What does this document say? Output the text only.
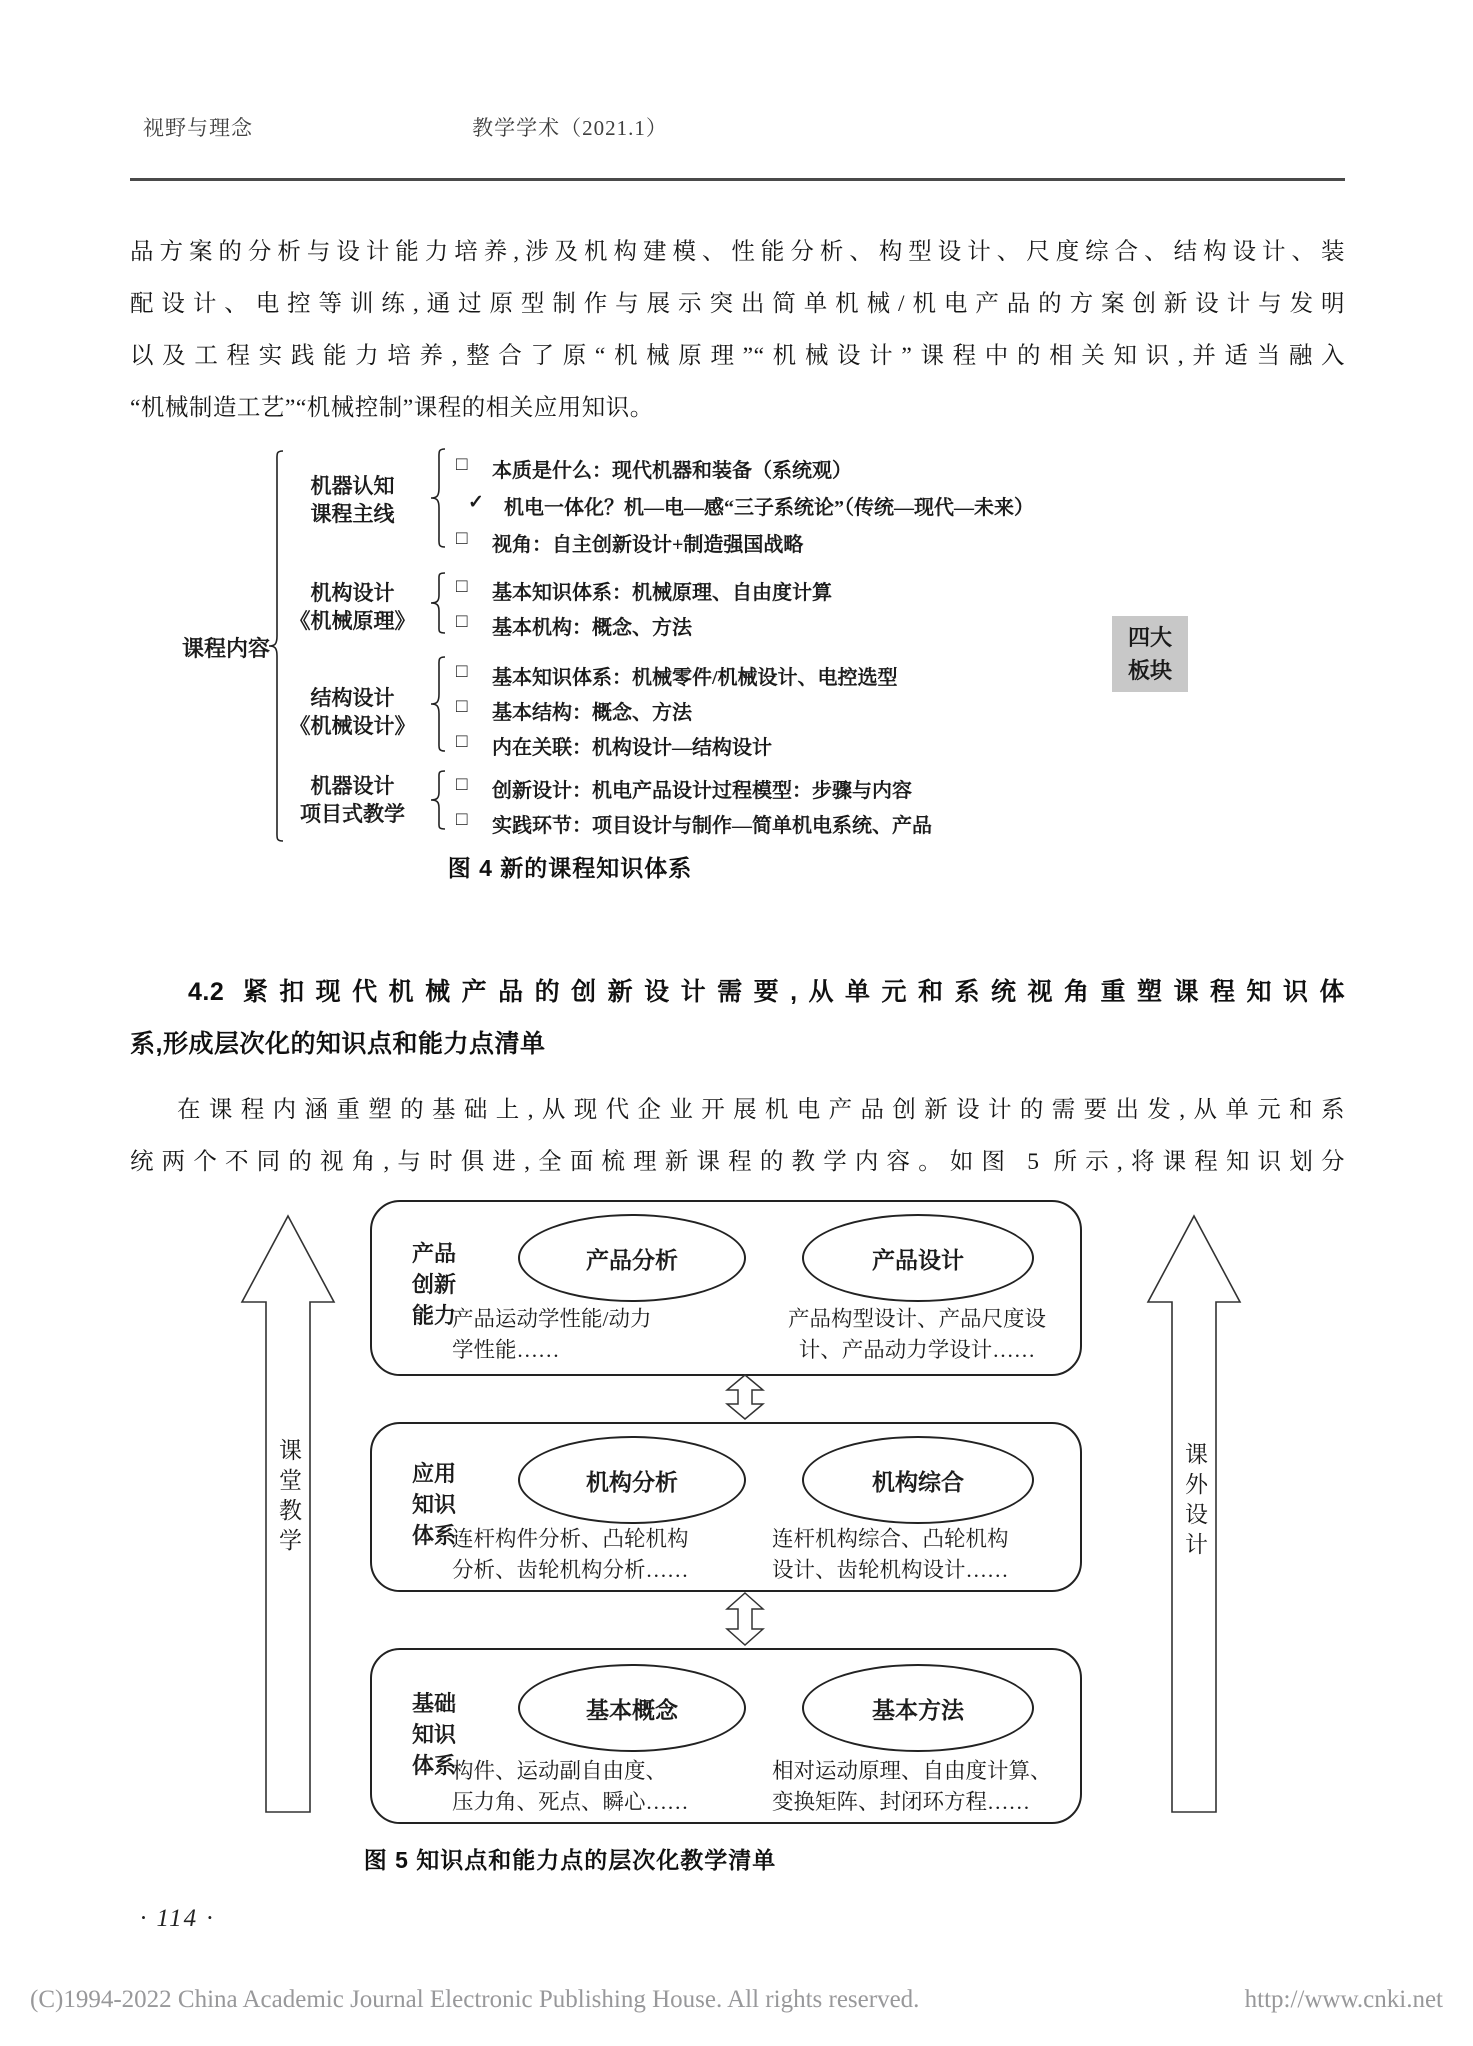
视野与理念	教学学术（2021.1）
品方案的分析与设计能力培养,涉及机构建模、性能分析、构型设计、尺度综合、结构设计、装
配设计、电控等训练,通过原型制作与展示突出简单机械/机电产品的方案创新设计与发明
以及工程实践能力培养,整合了原“机械原理”“机械设计”课程中的相关知识,并适当融入
“机械制造工艺”“机械控制”课程的相关应用知识。
课程内容
机器认知
课程主线
□	本质是什么：现代机器和装备（系统观）
✓	机电一体化？机—电—感“三子系统论”（传统—现代—未来）
□	视角：自主创新设计+制造强国战略
机构设计
《机械原理》
□	基本知识体系：机械原理、自由度计算
□	基本机构：概念、方法
结构设计
《机械设计》
□	基本知识体系：机械零件/机械设计、电控选型
□	基本结构：概念、方法
□	内在关联：机构设计—结构设计
机器设计
项目式教学
□	创新设计：机电产品设计过程模型：步骤与内容
□	实践环节：项目设计与制作—简单机电系统、产品
四大
板块
图 4 新的课程知识体系
4.2 紧扣现代机械产品的创新设计需要,从单元和系统视角重塑课程知识体
系,形成层次化的知识点和能力点清单
在课程内涵重塑的基础上,从现代企业开展机电产品创新设计的需要出发,从单元和系
统两个不同的视角,与时俱进,全面梳理新课程的教学内容。如图 5 所示,将课程知识划分
课堂教学	课外设计
产品
创新
能力
产品分析	产品设计
产品运动学性能/动力
学性能……
产品构型设计、产品尺度设
计、产品动力学设计……
应用
知识
体系
机构分析	机构综合
连杆构件分析、凸轮机构
分析、齿轮机构分析……
连杆机构综合、凸轮机构
设计、齿轮机构设计……
基础
知识
体系
基本概念	基本方法
构件、运动副自由度、
压力角、死点、瞬心……
相对运动原理、自由度计算、
变换矩阵、封闭环方程……
图 5 知识点和能力点的层次化教学清单
· 114 ·
(C)1994-2022 China Academic Journal Electronic Publishing House. All rights reserved.	http://www.cnki.net
